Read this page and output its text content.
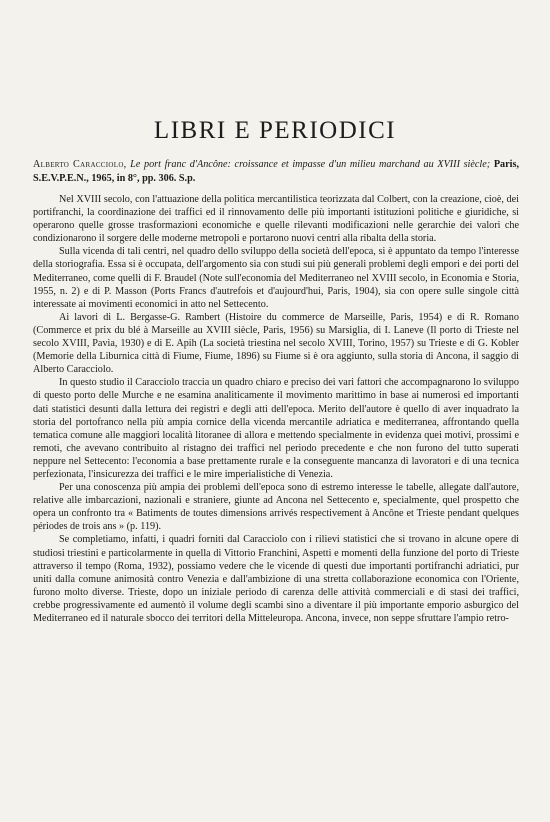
LIBRI E PERIODICI
Alberto Caracciolo, Le port franc d'Ancône: croissance et impasse d'un milieu marchand au XVIII siècle; Paris, S.E.V.P.E.N., 1965, in 8°, pp. 306. S.p.

Nel XVIII secolo, con l'attuazione della politica mercantilistica teorizzata dal Colbert, con la creazione, cioè, dei portifranchi, la coordinazione dei traffici ed il rinnovamento delle più importanti istituzioni politiche e giuridiche, si operarono quelle grosse trasformazioni economiche e quelle rilevanti modificazioni nelle gerarchie dei valori che condizionarono il sorgere delle moderne metropoli e portarono nuovi centri alla ribalta della storia.

Sulla vicenda di tali centri, nel quadro dello sviluppo della società dell'epoca, si è appuntato da tempo l'interesse della storiografia. Essa si è occupata, dell'argomento sia con studi sui più generali problemi degli empori e dei porti del Mediterraneo, come quelli di F. Braudel (Note sull'economia del Mediterraneo nel XVIII secolo, in Economia e Storia, 1955, n. 2) e di P. Masson (Ports Francs d'autrefois et d'aujourd'hui, Paris, 1904), sia con opere sulle singole città interessate ai movimenti economici in atto nel Settecento.

Ai lavori di L. Bergasse-G. Rambert (Histoire du commerce de Marseille, Paris, 1954) e di R. Romano (Commerce et prix du blé à Marseille au XVIII siècle, Paris, 1956) su Marsiglia, di I. Laneve (Il porto di Trieste nel secolo XVIII, Pavia, 1930) e di E. Apih (La società triestina nel secolo XVIII, Torino, 1957) su Trieste e di G. Kobler (Memorie della Liburnica città di Fiume, Fiume, 1896) su Fiume si è ora aggiunto, sulla storia di Ancona, il saggio di Alberto Caracciolo.

In questo studio il Caracciolo traccia un quadro chiaro e preciso dei vari fattori che accompagnarono lo sviluppo di questo porto delle Murche e ne esamina analiticamente il movimento marittimo in base ai numerosi ed importanti dati statistici desunti dalla lettura dei registri e degli atti dell'epoca. Merito dell'autore è quello di aver inquadrato la storia del portofranco nella più ampia cornice della vicenda mercantile adriatica e mediterranea, affrontando quella tematica comune alle maggiori località litoranee di allora e mettendo specialmente in evidenza quei motivi, prossimi e remoti, che avevano contribuito al ristagno dei traffici nel periodo precedente e che non furono del tutto superati neppure nel Settecento: l'economia a base prettamente rurale e la conseguente mancanza di lavoratori e di una tecnica perfezionata, l'insicurezza dei traffici e le mire imperialistiche di Venezia.

Per una conoscenza più ampia dei problemi dell'epoca sono di estremo interesse le tabelle, allegate dall'autore, relative alle imbarcazioni, nazionali e straniere, giunte ad Ancona nel Settecento e, specialmente, quel prospetto che opera un confronto tra « Batiments de toutes dimensions arrivés respectivement à Ancône et Trieste pendant quelques périodes de trois ans » (p. 119).

Se completiamo, infatti, i quadri forniti dal Caracciolo con i rilievi statistici che si trovano in alcune opere di studiosi triestini e particolarmente in quella di Vittorio Franchini, Aspetti e momenti della funzione del porto di Trieste attraverso il tempo (Roma, 1932), possiamo vedere che le vicende di questi due importanti portifranchi adriatici, pur uniti dalla comune animosità contro Venezia e dall'ambizione di una stretta collaborazione economica con l'Oriente, furono molto diverse. Trieste, dopo un iniziale periodo di carenza delle attività commerciali e di stasi dei traffici, crebbe progressivamente ed aumentò il volume degli scambi sino a diventare il più importante emporio asburgico del Mediterraneo ed il naturale sbocco dei territori della Mitteleuropa. Ancona, invece, non seppe sfruttare l'ampio retro-
